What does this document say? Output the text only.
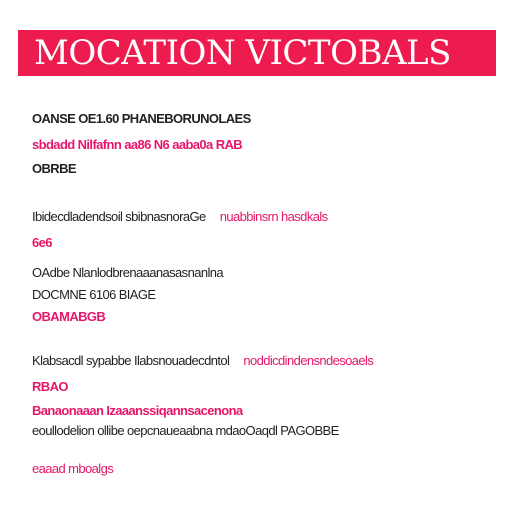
MOCATION VICTOBALS
OANSE OE1.60 PHANEBORUNOLAES
sbdadd Nilfafnn aa86 N6 aaba0a RAB
OBRBE
Ibidecdladendsoil sbibnasnoraGe nuabbinsrn hasdkals
6e6
OAdbe Nlanlodbrenaaanasasnanlna
DOCMNE 6106 BIAGE
OBAMABGB
Klabsacdl sypabbe Ilabsnouadecdntol noddicdindensndesoaels
RBAO
Banaonaaan Izaaanssiqannsacenona
eoullodelion ollibe oepcnaueaabna mdaoOaqdl PAGOBBE
eaaad mboalgs
